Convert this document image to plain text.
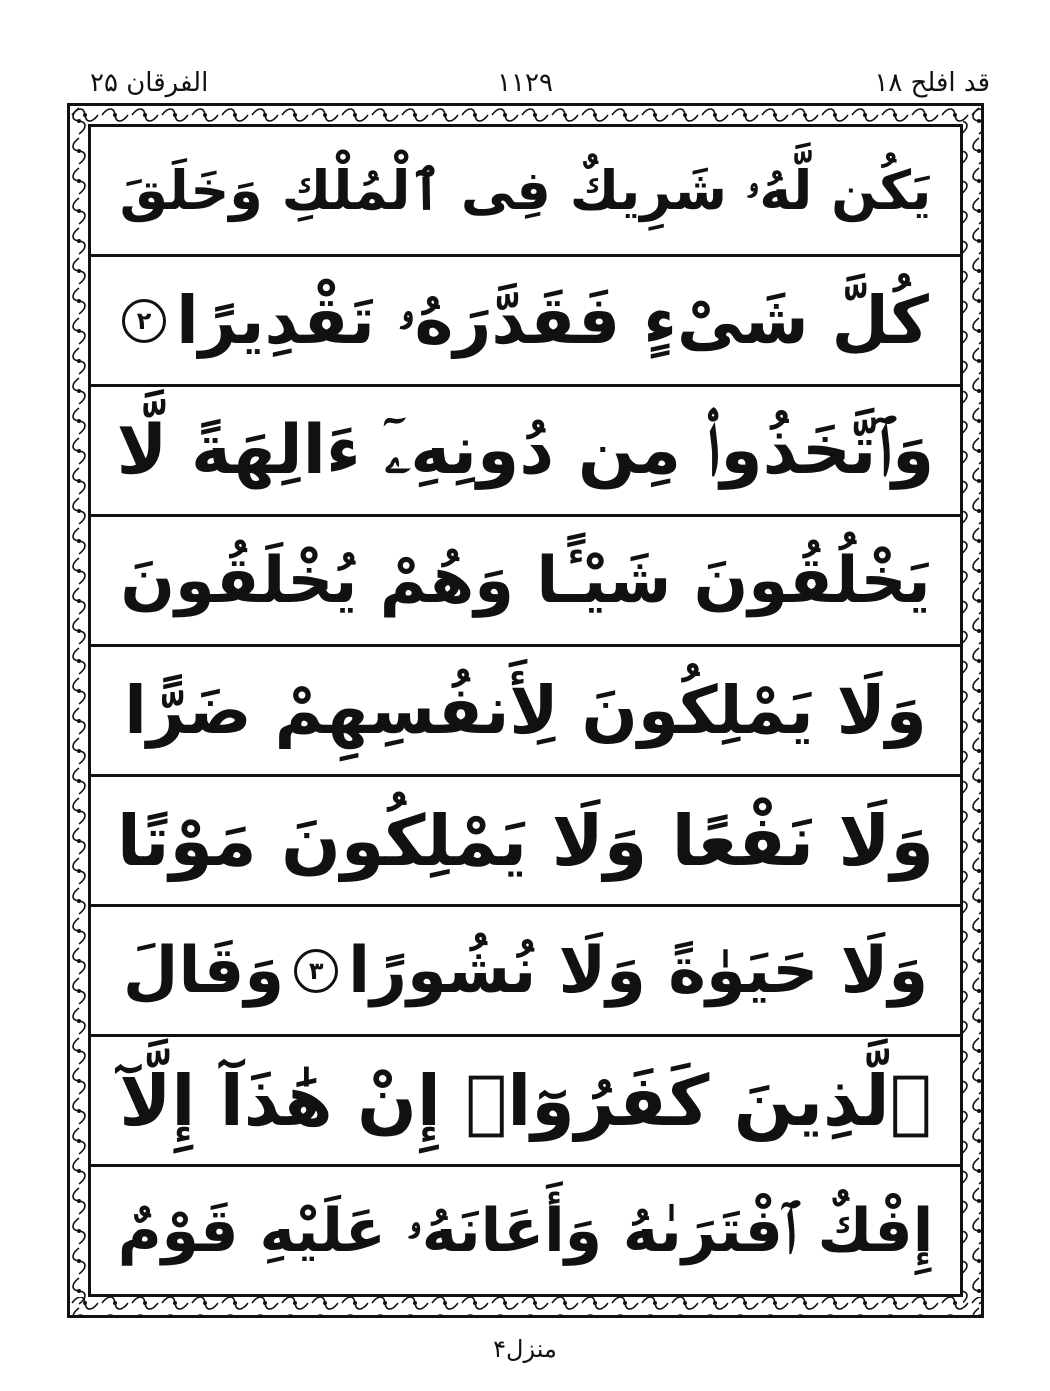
قد افلح ۱۸
۱۱۲۹
الفرقان ۲۵
يَكُن لَّهُۥ شَرِيكٌ فِى ٱلْمُلْكِ وَخَلَقَ
كُلَّ شَىْءٍ فَقَدَّرَهُۥ تَقْدِيرًا
۲
وَٱتَّخَذُوا۟ مِن دُونِهِۦٓ ءَالِهَةً لَّا
يَخْلُقُونَ شَيْـًٔا وَهُمْ يُخْلَقُونَ
وَلَا يَمْلِكُونَ لِأَنفُسِهِمْ ضَرًّا
وَلَا نَفْعًا وَلَا يَمْلِكُونَ مَوْتًا
وَلَا حَيَوٰةً وَلَا نُشُورًا
۳
وَقَالَ
ٱلَّذِينَ كَفَرُوٓا۟ إِنْ هَٰذَآ إِلَّآ
إِفْكٌ ٱفْتَرَىٰهُ وَأَعَانَهُۥ عَلَيْهِ قَوْمٌ
منزل۴
